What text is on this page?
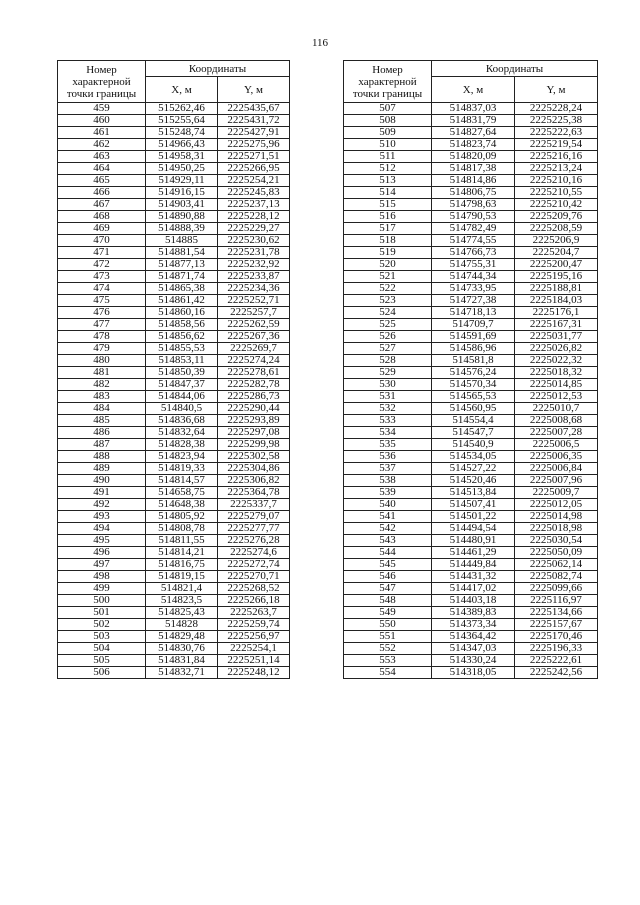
116
Номер
характерной
точки границы	Координаты	
	X, м	Y, м
459	515262,46	2225435,67
460	515255,64	2225431,72
461	515248,74	2225427,91
462	514966,43	2225275,96
463	514958,31	2225271,51
464	514950,25	2225266,95
465	514929,11	2225254,21
466	514916,15	2225245,83
467	514903,41	2225237,13
468	514890,88	2225228,12
469	514888,39	2225229,27
470	514885	2225230,62
471	514881,54	2225231,78
472	514877,13	2225232,92
473	514871,74	2225233,87
474	514865,38	2225234,36
475	514861,42	2225252,71
476	514860,16	2225257,7
477	514858,56	2225262,59
478	514856,62	2225267,36
479	514855,53	2225269,7
480	514853,11	2225274,24
481	514850,39	2225278,61
482	514847,37	2225282,78
483	514844,06	2225286,73
484	514840,5	2225290,44
485	514836,68	2225293,89
486	514832,64	2225297,08
487	514828,38	2225299,98
488	514823,94	2225302,58
489	514819,33	2225304,86
490	514814,57	2225306,82
491	514658,75	2225364,78
492	514648,38	2225337,7
493	514805,92	2225279,07
494	514808,78	2225277,77
495	514811,55	2225276,28
496	514814,21	2225274,6
497	514816,75	2225272,74
498	514819,15	2225270,71
499	514821,4	2225268,52
500	514823,5	2225266,18
501	514825,43	2225263,7
502	514828	2225259,74
503	514829,48	2225256,97
504	514830,76	2225254,1
505	514831,84	2225251,14
506	514832,71	2225248,12
Номер
характерной
точки границы	Координаты	
	X, м	Y, м
507	514837,03	2225228,24
508	514831,79	2225225,38
509	514827,64	2225222,63
510	514823,74	2225219,54
511	514820,09	2225216,16
512	514817,38	2225213,24
513	514814,86	2225210,16
514	514806,75	2225210,55
515	514798,63	2225210,42
516	514790,53	2225209,76
517	514782,49	2225208,59
518	514774,55	2225206,9
519	514766,73	2225204,7
520	514755,31	2225200,47
521	514744,34	2225195,16
522	514733,95	2225188,81
523	514727,38	2225184,03
524	514718,13	2225176,1
525	514709,7	2225167,31
526	514591,69	2225031,77
527	514586,96	2225026,82
528	514581,8	2225022,32
529	514576,24	2225018,32
530	514570,34	2225014,85
531	514565,53	2225012,53
532	514560,95	2225010,7
533	514554,4	2225008,68
534	514547,7	2225007,28
535	514540,9	2225006,5
536	514534,05	2225006,35
537	514527,22	2225006,84
538	514520,46	2225007,96
539	514513,84	2225009,7
540	514507,41	2225012,05
541	514501,22	2225014,98
542	514494,54	2225018,98
543	514480,91	2225030,54
544	514461,29	2225050,09
545	514449,84	2225062,14
546	514431,32	2225082,74
547	514417,02	2225099,66
548	514403,18	2225116,97
549	514389,83	2225134,66
550	514373,34	2225157,67
551	514364,42	2225170,46
552	514347,03	2225196,33
553	514330,24	2225222,61
554	514318,05	2225242,56
